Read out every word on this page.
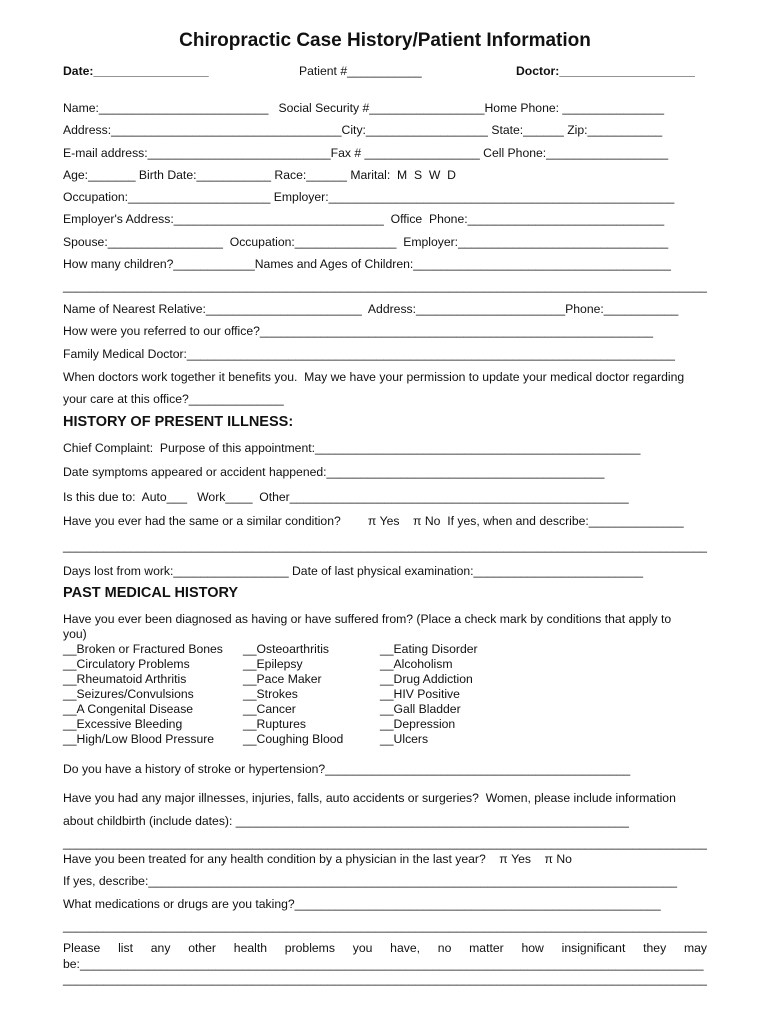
Chiropractic Case History/Patient Information
Date:_________________	Patient #___________	Doctor:____________________
Name:_________________________   Social Security #_________________Home Phone: _______________
Address:__________________________________City:__________________ State:______ Zip:___________
E-mail address:___________________________Fax # _________________ Cell Phone:__________________
Age:_______ Birth Date:___________ Race:______ Marital:  M  S  W  D
Occupation:_____________________ Employer:___________________________________________________
Employer's Address:_______________________________  Office  Phone:_____________________________
Spouse:_________________  Occupation:_______________  Employer:_______________________________
How many children?____________Names and Ages of Children:______________________________________
_______________________________________________________________________________________________
Name of Nearest Relative:_______________________  Address:______________________Phone:___________
How were you referred to our office?__________________________________________________________
Family Medical Doctor:________________________________________________________________________
When doctors work together it benefits you.  May we have your permission to update your medical doctor regarding
your care at this office?______________
HISTORY OF PRESENT ILLNESS:
Chief Complaint:  Purpose of this appointment:________________________________________________
Date symptoms appeared or accident happened:_________________________________________
Is this due to:  Auto___   Work____  Other__________________________________________________
Have you ever had the same or a similar condition?        π Yes    π No  If yes, when and describe:______________
_______________________________________________________________________________________________
Days lost from work:_________________ Date of last physical examination:_________________________
PAST MEDICAL HISTORY
Have you ever been diagnosed as having or have suffered from? (Place a check mark by conditions that apply to
you)
__Broken or Fractured Bones
__Circulatory Problems
__Rheumatoid Arthritis
__Seizures/Convulsions
__A Congenital Disease
__Excessive Bleeding
__High/Low Blood Pressure
__Osteoarthritis
__Epilepsy
__Pace Maker
__Strokes
__Cancer
__Ruptures
__Coughing Blood
__Eating Disorder
__Alcoholism
__Drug Addiction
__HIV Positive
__Gall Bladder
__Depression
__Ulcers
Do you have a history of stroke or hypertension?_____________________________________________
Have you had any major illnesses, injuries, falls, auto accidents or surgeries?  Women, please include information
about childbirth (include dates): __________________________________________________________
_______________________________________________________________________________________________
Have you been treated for any health condition by a physician in the last year?    π Yes    π No
If yes, describe:______________________________________________________________________________
What medications or drugs are you taking?______________________________________________________
_______________________________________________________________________________________________
Please list any other health problems you have, no matter how insignificant they may
be:____________________________________________________________________________________________
_______________________________________________________________________________________________
